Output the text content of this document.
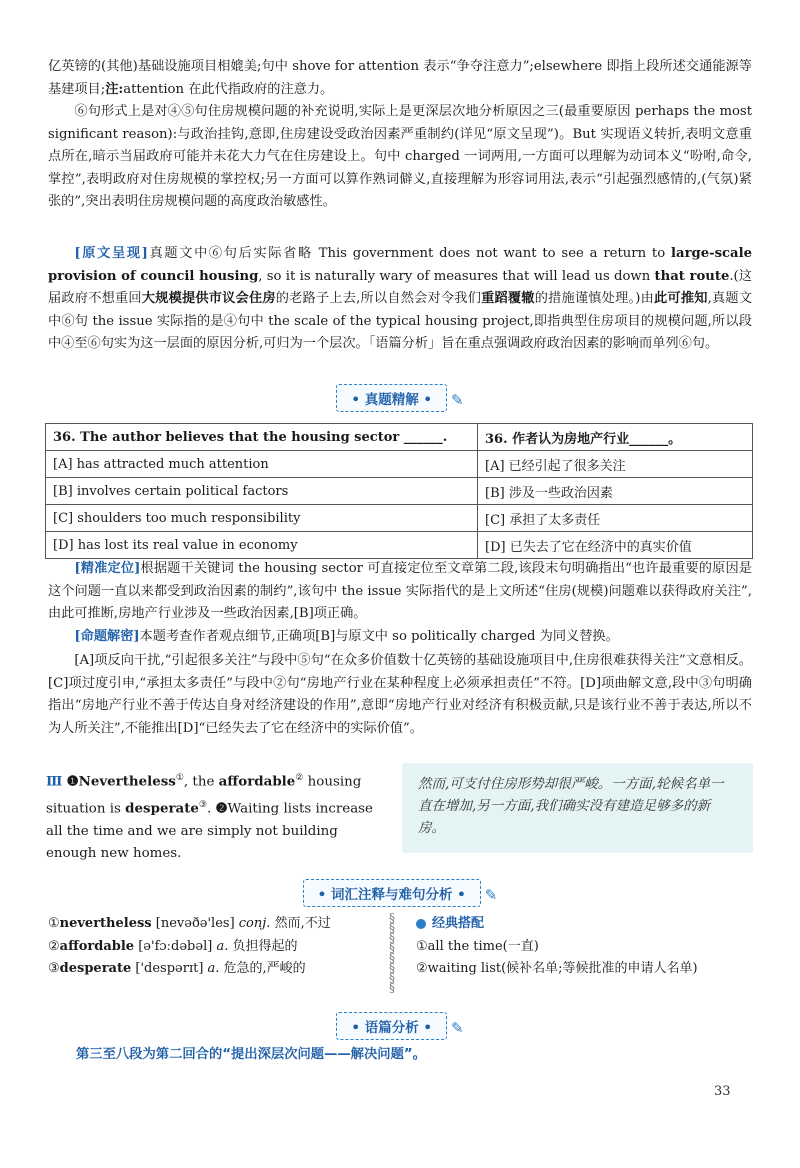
亿英镑的(其他)基础设施项目相媲美;句中 shove for attention 表示“争夺注意力”;elsewhere 即指上段所述交通能源等基建项目;注:attention 在此代指政府的注意力。

⑥句形式上是对④⑤句住房规模问题的补充说明,实际上是更深层次地分析原因之三(最重要原因 perhaps the most significant reason):与政治挂钩,意即,住房建设受政治因素严重制约(详见“原文呈现”)。But 实现语义转折,表明文意重点所在,暗示当届政府可能并未花大力气在住房建设上。句中 charged 一词两用,一方面可以理解为动词本义“吩咐,命令,掌控”,表明政府对住房规模的掌控权;另一方面可以算作熟词僻义,直接理解为形容词用法,表示“引起强烈感情的,(气氛)紧张的”,突出表明住房规模问题的高度政治敏感性。

[原文呈现]真题文中⑥句后实际省略 This government does not want to see a return to large-scale provision of council housing, so it is naturally wary of measures that will lead us down that route.(这届政府不想重回大规模提供市议会住房的老路子上去,所以自然会对令我们重蹈覆辙的措施谨慎处理。)由此可推知,真题文中⑥句 the issue 实际指的是④句中 the scale of the typical housing project,即指典型住房项目的规模问题,所以段中④至⑥句实为这一层面的原因分析,可归为一个层次。「语篇分析」旨在重点强调政府政治因素的影响而单列⑥句。

• 真题精解 • ✎
36. The author believes that the housing sector ______.	36. 作者认为房地产行业______。
[A] has attracted much attention	[A] 已经引起了很多关注
[B] involves certain political factors	[B] 涉及一些政治因素
[C] shoulders too much responsibility	[C] 承担了太多责任
[D] has lost its real value in economy	[D] 已失去了它在经济中的真实价值

[精准定位]根据题干关键词 the housing sector 可直接定位至文章第二段,该段末句明确指出“也许最重要的原因是这个问题一直以来都受到政治因素的制约”,该句中 the issue 实际指代的是上文所述“住房(规模)问题难以获得政府关注”,由此可推断,房地产行业涉及一些政治因素,[B]项正确。

[命题解密]本题考查作者观点细节,正确项[B]与原文中 so politically charged 为同义替换。

[A]项反向干扰,“引起很多关注”与段中⑤句“在众多价值数十亿英镑的基础设施项目中,住房很难获得关注”文意相反。[C]项过度引申,“承担太多责任”与段中②句“房地产行业在某种程度上必须承担责任”不符。[D]项曲解文意,段中③句明确指出“房地产行业不善于传达自身对经济建设的作用”,意即“房地产行业对经济有积极贡献,只是该行业不善于表达,所以不为人所关注”,不能推出[D]“已经失去了它在经济中的实际价值”。

Ⅲ ❶Nevertheless①, the affordable② housing situation is desperate③. ❷Waiting lists increase all the time and we are simply not building enough new homes.
然而,可支付住房形势却很严峻。一方面,轮候名单一直在增加,另一方面,我们确实没有建造足够多的新房。
• 词汇注释与难句分析 • ✎
①nevertheless [nevəðə'les] conj. 然而,不过
②affordable [ə'fɔːdəbəl] a. 负担得起的
③desperate ['despərɪt] a. 危急的,严峻的
§
§
§
§
§
§
§
§
经典搭配
①all the time(一直)
②waiting list(候补名单;等候批准的申请人名单)
• 语篇分析 • ✎
第三至八段为第二回合的“提出深层次问题——解决问题”。
33
